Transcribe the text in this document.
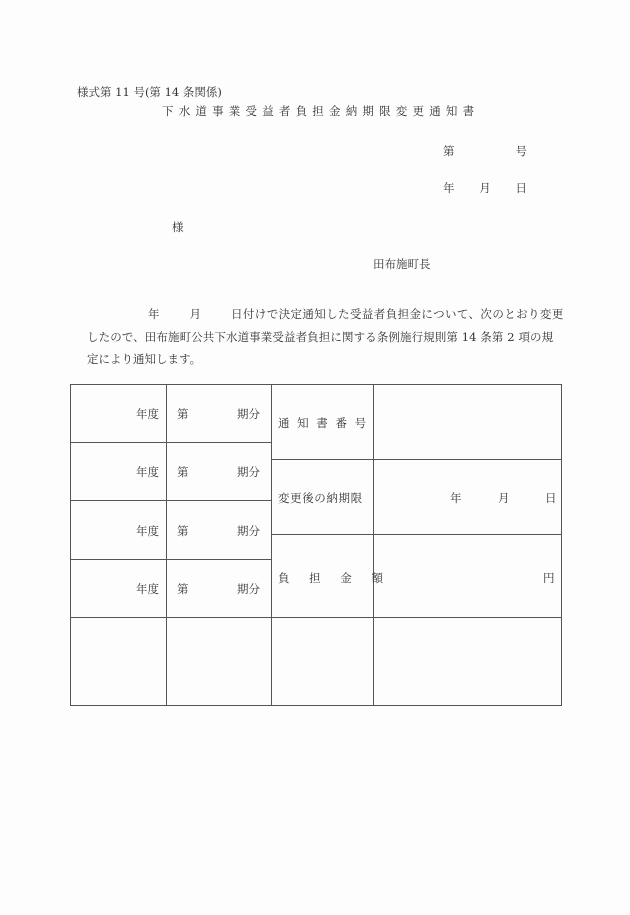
様式第 11 号(第 14 条関係)
下水道事業受益者負担金納期限変更通知書
第	号
年 月 日
様
田布施町長
年	月	日付けで決定通知した受益者負担金について、次のとおり変更
したので、田布施町公共下水道事業受益者負担に関する条例施行規則第 14 条第 2 項の規
定により通知します。
年度 第	期分
年度 第	期分
年度 第	期分
年度 第	期分
通 知 書 番 号
変更後の納期限	年	月	日
負 担 金 額	円
